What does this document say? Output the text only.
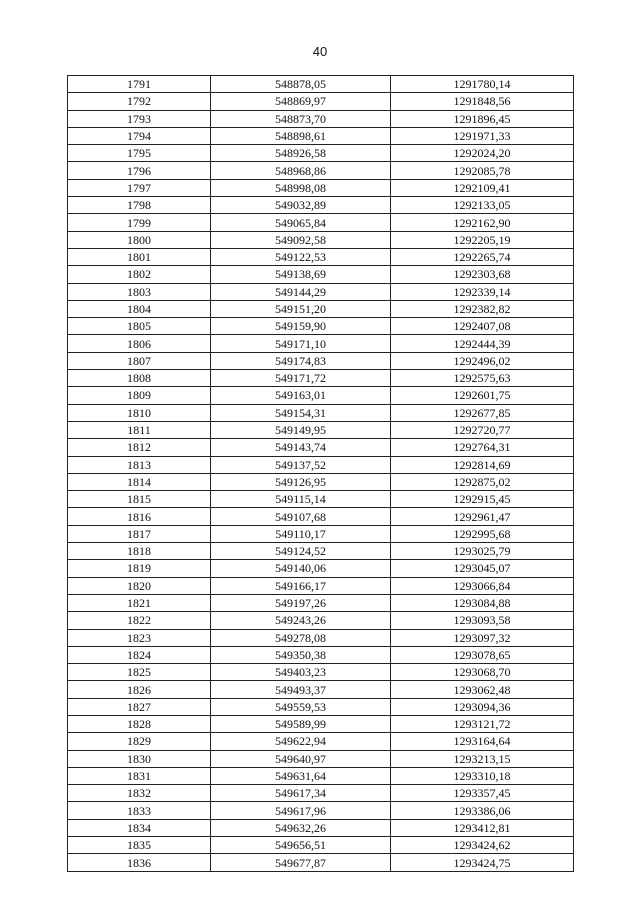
40
1791	548878,05	1291780,14
1792	548869,97	1291848,56
1793	548873,70	1291896,45
1794	548898,61	1291971,33
1795	548926,58	1292024,20
1796	548968,86	1292085,78
1797	548998,08	1292109,41
1798	549032,89	1292133,05
1799	549065,84	1292162,90
1800	549092,58	1292205,19
1801	549122,53	1292265,74
1802	549138,69	1292303,68
1803	549144,29	1292339,14
1804	549151,20	1292382,82
1805	549159,90	1292407,08
1806	549171,10	1292444,39
1807	549174,83	1292496,02
1808	549171,72	1292575,63
1809	549163,01	1292601,75
1810	549154,31	1292677,85
1811	549149,95	1292720,77
1812	549143,74	1292764,31
1813	549137,52	1292814,69
1814	549126,95	1292875,02
1815	549115,14	1292915,45
1816	549107,68	1292961,47
1817	549110,17	1292995,68
1818	549124,52	1293025,79
1819	549140,06	1293045,07
1820	549166,17	1293066,84
1821	549197,26	1293084,88
1822	549243,26	1293093,58
1823	549278,08	1293097,32
1824	549350,38	1293078,65
1825	549403,23	1293068,70
1826	549493,37	1293062,48
1827	549559,53	1293094,36
1828	549589,99	1293121,72
1829	549622,94	1293164,64
1830	549640,97	1293213,15
1831	549631,64	1293310,18
1832	549617,34	1293357,45
1833	549617,96	1293386,06
1834	549632,26	1293412,81
1835	549656,51	1293424,62
1836	549677,87	1293424,75
